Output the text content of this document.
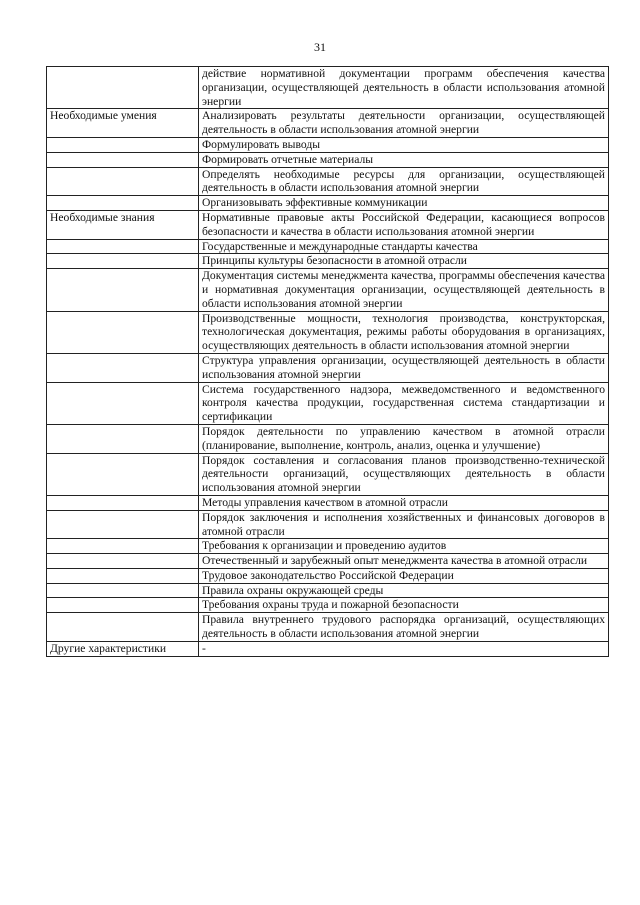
31
	действие нормативной документации программ обеспечения качества организации, осуществляющей деятельность в области использования атомной энергии
Необходимые умения	Анализировать результаты деятельности организации, осуществляющей деятельность в области использования атомной энергии
	Формулировать выводы
	Формировать отчетные материалы
	Определять необходимые ресурсы для организации, осуществляющей деятельность в области использования атомной энергии
	Организовывать эффективные коммуникации
Необходимые знания	Нормативные правовые акты Российской Федерации, касающиеся вопросов безопасности и качества в области использования атомной энергии
	Государственные и международные стандарты качества
	Принципы культуры безопасности в атомной отрасли
	Документация системы менеджмента качества, программы обеспечения качества и нормативная документация организации, осуществляющей деятельность в области использования атомной энергии
	Производственные мощности, технология производства, конструкторская, технологическая документация, режимы работы оборудования в организациях, осуществляющих деятельность в области использования атомной энергии
	Структура управления организации, осуществляющей деятельность в области использования атомной энергии
	Система государственного надзора, межведомственного и ведомственного контроля качества продукции, государственная система стандартизации и сертификации
	Порядок деятельности по управлению качеством в атомной отрасли (планирование, выполнение, контроль, анализ, оценка и улучшение)
	Порядок составления и согласования планов производственно-технической деятельности организаций, осуществляющих деятельность в области использования атомной энергии
	Методы управления качеством в атомной отрасли
	Порядок заключения и исполнения хозяйственных и финансовых договоров в атомной отрасли
	Требования к организации и проведению аудитов
	Отечественный и зарубежный опыт менеджмента качества в атомной отрасли
	Трудовое законодательство Российской Федерации
	Правила охраны окружающей среды
	Требования охраны труда и пожарной безопасности
	Правила внутреннего трудового распорядка организаций, осуществляющих деятельность в области использования атомной энергии
Другие характеристики	-
